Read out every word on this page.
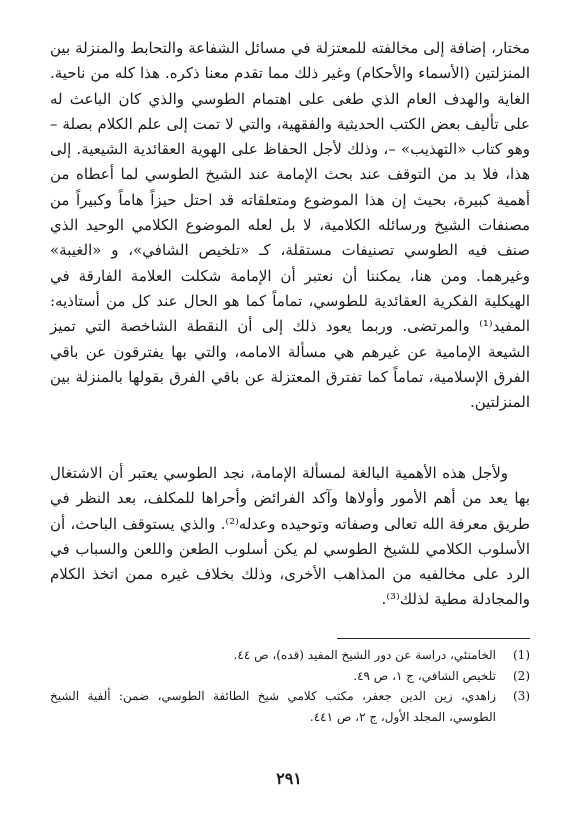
مختار، إضافة إلى مخالفته للمعتزلة في مسائل الشفاعة والتحابط والمنزلة بين المنزلتين (الأسماء والأحكام) وغير ذلك مما تقدم معنا ذكره. هذا كله من ناحية. الغاية والهدف العام الذي طغى على اهتمام الطوسي والذي كان الباعث له على تأليف بعض الكتب الحديثية والفقهية، والتي لا تمت إلى علم الكلام بصلة – وهو كتاب «التهذيب» –، وذلك لأجل الحفاظ على الهوية العقائدية الشيعية. إلى هذا، فلا بد من التوقف عند بحث الإمامة عند الشيخ الطوسي لما أعطاه من أهمية كبيرة، بحيث إن هذا الموضوع ومتعلقاته قد احتل حيزاً هاماً وكبيراً من مصنفات الشيخ ورسائله الكلامية، لا بل لعله الموضوع الكلامي الوحيد الذي صنف فيه الطوسي تصنيفات مستقلة، كـ «تلخيص الشافي»، و «الغيبة» وغيرهما. ومن هنا، يمكننا أن نعتبر أن الإمامة شكلت العلامة الفارقة في الهيكلية الفكرية العقائدية للطوسي، تماماً كما هو الحال عند كل من أستاذيه: المفيد⁽¹⁾ والمرتضى. وربما يعود ذلك إلى أن النقطة الشاخصة التي تميز الشيعة الإمامية عن غيرهم هي مسألة الامامه، والتي بها يفترقون عن باقي الفرق الإسلامية، تماماً كما تفترق المعتزلة عن باقي الفرق بقولها بالمنزلة بين المنزلتين.

ولأجل هذه الأهمية البالغة لمسألة الإمامة، نجد الطوسي يعتبر أن الاشتغال بها يعد من أهم الأمور وأولاها وآكد الفرائض وأحراها للمكلف، بعد النظر في طريق معرفة الله تعالى وصفاته وتوحيده وعدله⁽²⁾. والذي يستوقف الباحث، أن الأسلوب الكلامي للشيخ الطوسي لم يكن أسلوب الطعن واللعن والسباب في الرد على مخالفيه من المذاهب الأخرى، وذلك بخلاف غيره ممن اتخذ الكلام والمجادلة مطية لذلك⁽³⁾.

(1)
الخامنئي، دراسة عن دور الشيخ المفيد (قده)، ص ٤٤.
(2)
تلخيص الشافي، ج ١، ص ٤٩.
(3)
زاهدي، زين الدين جعفر، مكتب كلامي شيخ الطائفة الطوسي، ضمن: ألفية الشيخ الطوسي، المجلد الأول، ج ٢، ص ٤٤١.
٢٩١
